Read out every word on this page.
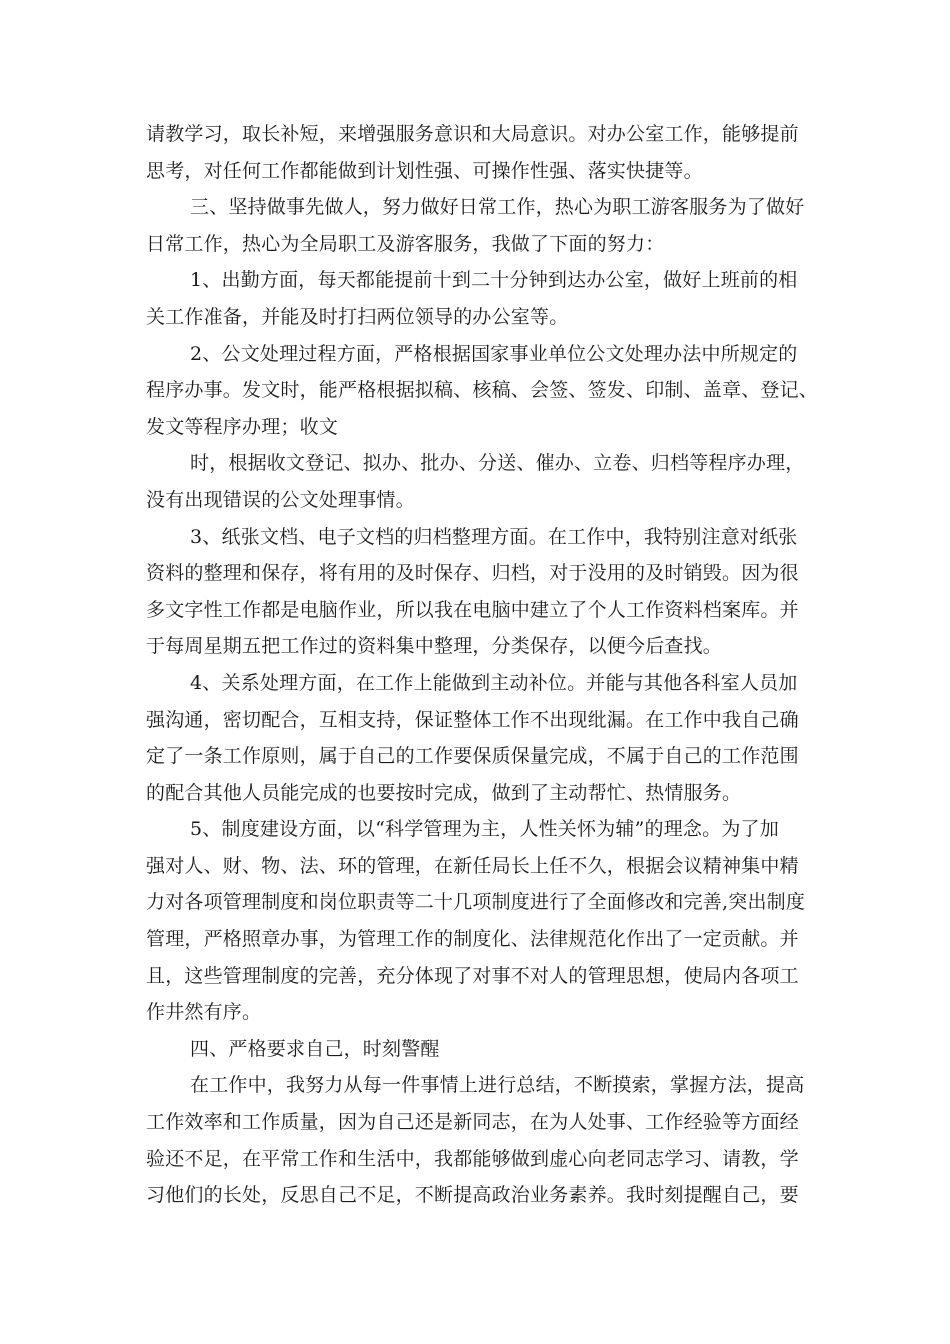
请教学习，取长补短，来增强服务意识和大局意识。对办公室工作，能够提前
思考，对任何工作都能做到计划性强、可操作性强、落实快捷等。
三、坚持做事先做人，努力做好日常工作，热心为职工游客服务为了做好
日常工作，热心为全局职工及游客服务，我做了下面的努力：
1、出勤方面，每天都能提前十到二十分钟到达办公室，做好上班前的相
关工作准备，并能及时打扫两位领导的办公室等。
2、公文处理过程方面，严格根据国家事业单位公文处理办法中所规定的
程序办事。发文时，能严格根据拟稿、核稿、会签、签发、印制、盖章、登记、
发文等程序办理；收文
时，根据收文登记、拟办、批办、分送、催办、立卷、归档等程序办理，
没有出现错误的公文处理事情。
3、纸张文档、电子文档的归档整理方面。在工作中，我特别注意对纸张
资料的整理和保存，将有用的及时保存、归档，对于没用的及时销毁。因为很
多文字性工作都是电脑作业，所以我在电脑中建立了个人工作资料档案库。并
于每周星期五把工作过的资料集中整理，分类保存，以便今后查找。
4、关系处理方面，在工作上能做到主动补位。并能与其他各科室人员加
强沟通，密切配合，互相支持，保证整体工作不出现纰漏。在工作中我自己确
定了一条工作原则，属于自己的工作要保质保量完成，不属于自己的工作范围
的配合其他人员能完成的也要按时完成，做到了主动帮忙、热情服务。
5、制度建设方面，以“科学管理为主，人性关怀为辅”的理念。为了加
强对人、财、物、法、环的管理，在新任局长上任不久，根据会议精神集中精
力对各项管理制度和岗位职责等二十几项制度进行了全面修改和完善,突出制度
管理，严格照章办事，为管理工作的制度化、法律规范化作出了一定贡献。并
且，这些管理制度的完善，充分体现了对事不对人的管理思想，使局内各项工
作井然有序。
四、严格要求自己，时刻警醒
在工作中，我努力从每一件事情上进行总结，不断摸索，掌握方法，提高
工作效率和工作质量，因为自己还是新同志，在为人处事、工作经验等方面经
验还不足，在平常工作和生活中，我都能够做到虚心向老同志学习、请教，学
习他们的长处，反思自己不足，不断提高政治业务素养。我时刻提醒自己，要
